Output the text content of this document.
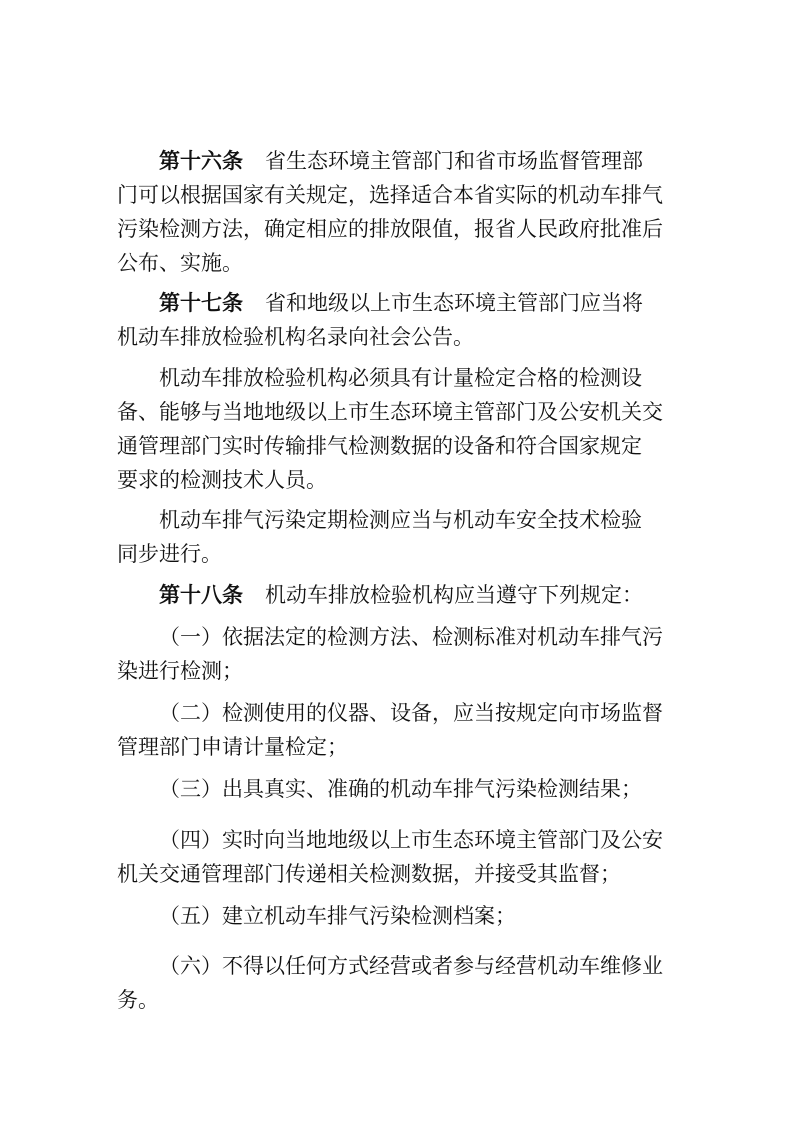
第十六条 省生态环境主管部门和省市场监督管理部
门可以根据国家有关规定，选择适合本省实际的机动车排气
污染检测方法，确定相应的排放限值，报省人民政府批准后
公布、实施。
第十七条 省和地级以上市生态环境主管部门应当将
机动车排放检验机构名录向社会公告。
机动车排放检验机构必须具有计量检定合格的检测设
备、能够与当地地级以上市生态环境主管部门及公安机关交
通管理部门实时传输排气检测数据的设备和符合国家规定
要求的检测技术人员。
机动车排气污染定期检测应当与机动车安全技术检验
同步进行。
第十八条 机动车排放检验机构应当遵守下列规定：
（一）依据法定的检测方法、检测标准对机动车排气污
染进行检测；
（二）检测使用的仪器、设备，应当按规定向市场监督
管理部门申请计量检定；
（三）出具真实、准确的机动车排气污染检测结果；
（四）实时向当地地级以上市生态环境主管部门及公安
机关交通管理部门传递相关检测数据，并接受其监督；
（五）建立机动车排气污染检测档案；
（六）不得以任何方式经营或者参与经营机动车维修业
务。
